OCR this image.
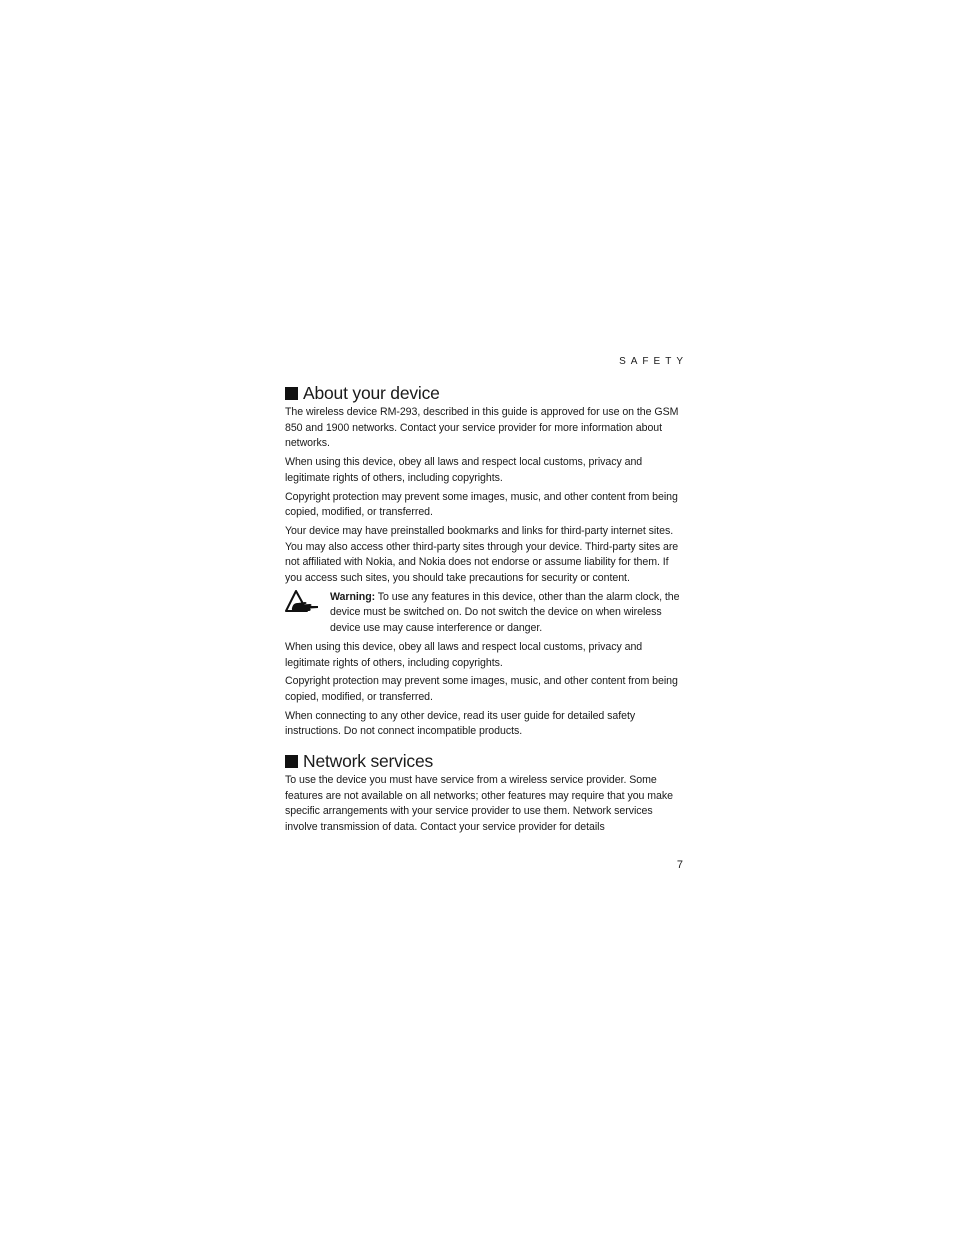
SAFETY
About your device

The wireless device RM-293, described in this guide is approved for use on the GSM 850 and 1900 networks. Contact your service provider for more information about networks.

When using this device, obey all laws and respect local customs, privacy and legitimate rights of others, including copyrights.

Copyright protection may prevent some images, music, and other content from being copied, modified, or transferred.

Your device may have preinstalled bookmarks and links for third-party internet sites. You may also access other third-party sites through your device. Third-party sites are not affiliated with Nokia, and Nokia does not endorse or assume liability for them. If you access such sites, you should take precautions for security or content.

Warning: To use any features in this device, other than the alarm clock, the device must be switched on. Do not switch the device on when wireless device use may cause interference or danger.

When using this device, obey all laws and respect local customs, privacy and legitimate rights of others, including copyrights.

Copyright protection may prevent some images, music, and other content from being copied, modified, or transferred.

When connecting to any other device, read its user guide for detailed safety instructions. Do not connect incompatible products.

Network services

To use the device you must have service from a wireless service provider. Some features are not available on all networks; other features may require that you make specific arrangements with your service provider to use them. Network services involve transmission of data. Contact your service provider for details

7
